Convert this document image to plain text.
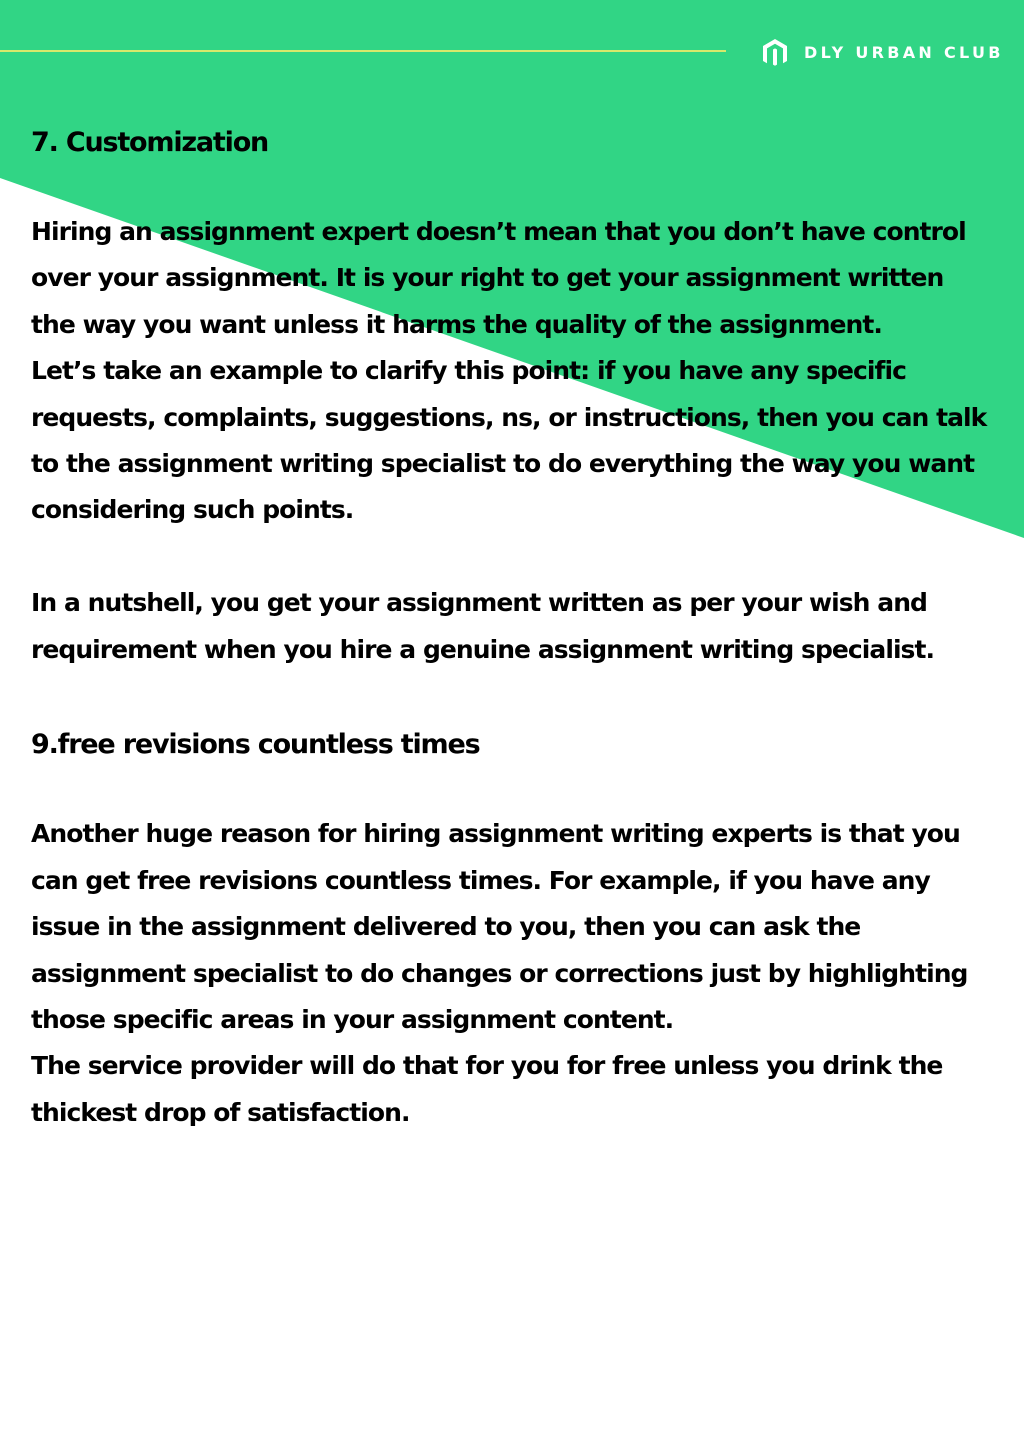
DLY URBAN CLUB
7. Customization

Hiring an assignment expert doesn’t mean that you don’t have control over your assignment. It is your right to get your assignment written the way you want unless it harms the quality of the assignment.

Let’s take an example to clarify this point: if you have any specific requests, complaints, suggestions, ns, or instructions, then you can talk to the assignment writing specialist to do everything the way you want considering such points.

In a nutshell, you get your assignment written as per your wish and requirement when you hire a genuine assignment writing specialist.

9.free revisions countless times

Another huge reason for hiring assignment writing experts is that you can get free revisions countless times. For example, if you have any issue in the assignment delivered to you, then you can ask the assignment specialist to do changes or corrections just by highlighting those specific areas in your assignment content.

The service provider will do that for you for free unless you drink the thickest drop of satisfaction.
